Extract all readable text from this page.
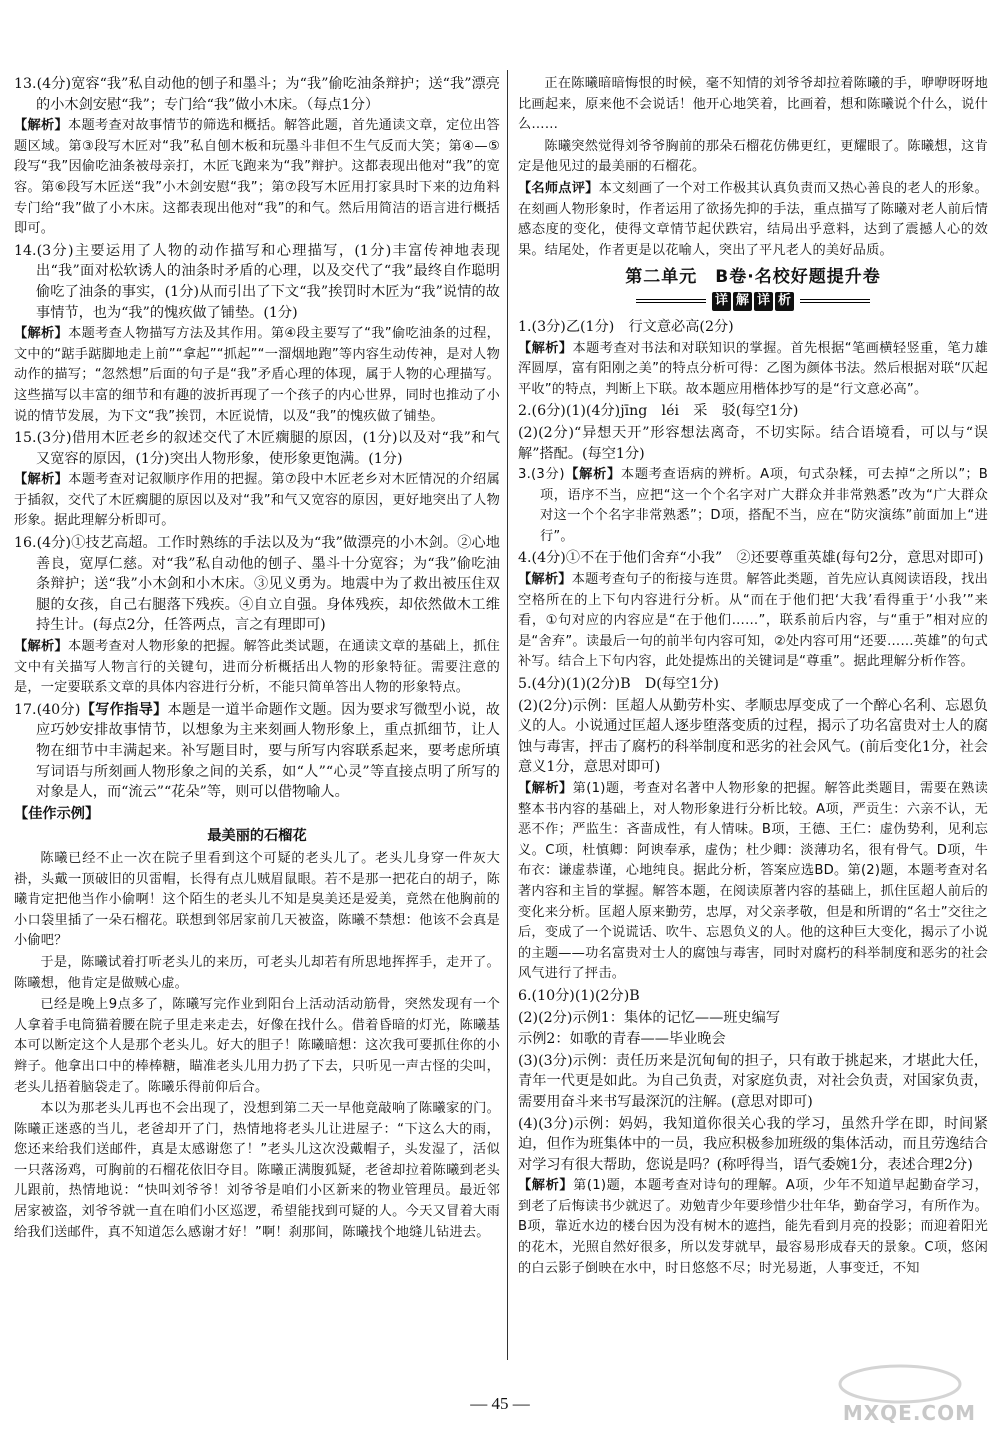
13.(4分)宽容“我”私自动他的刨子和墨斗；为“我”偷吃油条辩护；送“我”漂亮的小木剑安慰“我”；专门给“我”做小木床。（每点1分）

【解析】本题考查对故事情节的筛选和概括。解答此题，首先通读文章，定位出答题区域。第③段写木匠对“我”私自刨木板和玩墨斗非但不生气反而大笑；第④—⑤段写“我”因偷吃油条被母亲打，木匠飞跑来为“我”辩护。这都表现出他对“我”的宽容。第⑥段写木匠送“我”小木剑安慰“我”；第⑦段写木匠用打家具时下来的边角料专门给“我”做了小木床。这都表现出他对“我”的和气。然后用简洁的语言进行概括即可。

14.(3分)主要运用了人物的动作描写和心理描写，(1分)丰富传神地表现出“我”面对松软诱人的油条时矛盾的心理，以及交代了“我”最终自作聪明偷吃了油条的事实，(1分)从而引出了下文“我”挨罚时木匠为“我”说情的故事情节，也为“我”的愧疚做了铺垫。(1分)

【解析】本题考查人物描写方法及其作用。第④段主要写了“我”偷吃油条的过程，文中的“踮手踮脚地走上前”“拿起”“抓起”“一溜烟地跑”等内容生动传神，是对人物动作的描写；“忽然想”后面的句子是“我”矛盾心理的体现，属于人物的心理描写。这些描写以丰富的细节和有趣的波折再现了一个孩子的内心世界，同时也推动了小说的情节发展，为下文“我”挨罚，木匠说情，以及“我”的愧疚做了铺垫。

15.(3分)借用木匠老乡的叙述交代了木匠瘸腿的原因，(1分)以及对“我”和气又宽容的原因，(1分)突出人物形象，使形象更饱满。(1分)

【解析】本题考查对记叙顺序作用的把握。第⑦段中木匠老乡对木匠情况的介绍属于插叙，交代了木匠瘸腿的原因以及对“我”和气又宽容的原因，更好地突出了人物形象。据此理解分析即可。

16.(4分)①技艺高超。工作时熟练的手法以及为“我”做漂亮的小木剑。②心地善良，宽厚仁慈。对“我”私自动他的刨子、墨斗十分宽容；为“我”偷吃油条辩护；送“我”小木剑和小木床。③见义勇为。地震中为了救出被压住双腿的女孩，自己右腿落下残疾。④自立自强。身体残疾，却依然做木工维持生计。(每点2分，任答两点，言之有理即可)

【解析】本题考查对人物形象的把握。解答此类试题，在通读文章的基础上，抓住文中有关描写人物言行的关键句，进而分析概括出人物的形象特征。需要注意的是，一定要联系文章的具体内容进行分析，不能只简单答出人物的形象特点。

17.(40分)【写作指导】本题是一道半命题作文题。因为要求写微型小说，故应巧妙安排故事情节，以想象为主来刻画人物形象上，重点抓细节，让人物在细节中丰满起来。补写题目时，要与所写内容联系起来，要考虑所填写词语与所刻画人物形象之间的关系，如“人”“心灵”等直接点明了所写的对象是人，而“流云”“花朵”等，则可以借物喻人。

【佳作示例】

最美丽的石榴花

陈曦已经不止一次在院子里看到这个可疑的老头儿了。老头儿身穿一件灰大褂，头戴一顶破旧的贝雷帽，长得有点儿贼眉鼠眼。若不是那一把花白的胡子，陈曦肯定把他当作小偷啊！这个陌生的老头儿不知是臭美还是爱美，竟然在他胸前的小口袋里插了一朵石榴花。联想到邻居家前几天被盗，陈曦不禁想：他该不会真是小偷吧？

于是，陈曦试着打听老头儿的来历，可老头儿却若有所思地挥挥手，走开了。陈曦想，他肯定是做贼心虚。

已经是晚上9点多了，陈曦写完作业到阳台上活动活动筋骨，突然发现有一个人拿着手电筒猫着腰在院子里走来走去，好像在找什么。借着昏暗的灯光，陈曦基本可以断定这个人是那个老头儿。好大的胆子！陈曦暗想：这次我可要抓住你的小辫子。他拿出口中的棒棒糖，瞄准老头儿用力扔了下去，只听见一声古怪的尖叫，老头儿捂着脑袋走了。陈曦乐得前仰后合。

本以为那老头儿再也不会出现了，没想到第二天一早他竟敲响了陈曦家的门。陈曦正迷惑的当儿，老爸却开了门，热情地将老头儿让进屋子：“下这么大的雨，您还来给我们送邮件，真是太感谢您了！”老头儿这次没戴帽子，头发湿了，活似一只落汤鸡，可胸前的石榴花依旧夺目。陈曦正满腹狐疑，老爸却拉着陈曦到老头儿跟前，热情地说：“快叫刘爷爷！刘爷爷是咱们小区新来的物业管理员。最近邻居家被盗，刘爷爷就一直在咱们小区巡逻，希望能找到可疑的人。今天又冒着大雨给我们送邮件，真不知道怎么感谢才好！”啊！刹那间，陈曦找个地缝儿钻进去。

正在陈曦暗暗悔恨的时候，毫不知情的刘爷爷却拉着陈曦的手，咿咿呀呀地比画起来，原来他不会说话！他开心地笑着，比画着，想和陈曦说个什么，说什么……

陈曦突然觉得刘爷爷胸前的那朵石榴花仿佛更红，更耀眼了。陈曦想，这肯定是他见过的最美丽的石榴花。

【名师点评】本文刻画了一个对工作极其认真负责而又热心善良的老人的形象。在刻画人物形象时，作者运用了欲扬先抑的手法，重点描写了陈曦对老人前后情感态度的变化，使得文章情节起伏跌宕，结局出乎意料，达到了震撼人心的效果。结尾处，作者更是以花喻人，突出了平凡老人的美好品质。

第二单元　B卷·名校好题提升卷
详 解 详 析

1.(3分)乙(1分)　行文意必高(2分)

【解析】本题考查对书法和对联知识的掌握。首先根据“笔画横轻竖重，笔力雄浑圆厚，富有阳刚之美”的特点分析可得：乙图为颜体书法。然后根据对联“仄起平收”的特点，判断上下联。故本题应用楷体抄写的是“行文意必高”。

2.(6分)(1)(4分)jīng　léi　采　驳(每空1分)

(2)(2分)“异想天开”形容想法离奇，不切实际。结合语境看，可以与“误解”搭配。(每空1分)

3.(3分)【解析】本题考查语病的辨析。A项，句式杂糅，可去掉“之所以”；B项，语序不当，应把“这一个个名字对广大群众并非常熟悉”改为“广大群众对这一个个名字非常熟悉”；D项，搭配不当，应在“防灾演练”前面加上“进行”。

4.(4分)①不在于他们舍弃“小我”　②还要尊重英雄(每句2分，意思对即可)

【解析】本题考查句子的衔接与连贯。解答此类题，首先应认真阅读语段，找出空格所在的上下句内容进行分析。从“而在于他们把‘大我’看得重于‘小我’”来看，①句对应的内容应是“在于他们……”，联系前后内容，与“重于”相对应的是“舍弃”。读最后一句的前半句内容可知，②处内容可用“还要……英雄”的句式补写。结合上下句内容，此处提炼出的关键词是“尊重”。据此理解分析作答。

5.(4分)(1)(2分)B　D(每空1分)

(2)(2分)示例：匡超人从勤劳朴实、孝顺忠厚变成了一个醉心名利、忘恩负义的人。小说通过匡超人逐步堕落变质的过程，揭示了功名富贵对士人的腐蚀与毒害，抨击了腐朽的科举制度和恶劣的社会风气。(前后变化1分，社会意义1分，意思对即可)

【解析】第(1)题，考查对名著中人物形象的把握。解答此类题目，需要在熟读整本书内容的基础上，对人物形象进行分析比较。A项，严贡生：六亲不认，无恶不作；严监生：吝啬成性，有人情味。B项，王德、王仁：虚伪势利，见利忘义。C项，杜慎卿：阿谀奉承，虚伪；杜少卿：淡薄功名，很有骨气。D项，牛布衣：谦虚恭谨，心地纯良。据此分析，答案应选BD。第(2)题，本题考查对名著内容和主旨的掌握。解答本题，在阅读原著内容的基础上，抓住匡超人前后的变化来分析。匡超人原来勤劳，忠厚，对父亲孝敬，但是和所谓的“名士”交往之后，变成了一个说谎话、吹牛、忘恩负义的人。他的这种巨大变化，揭示了小说的主题——功名富贵对士人的腐蚀与毒害，同时对腐朽的科举制度和恶劣的社会风气进行了抨击。

6.(10分)(1)(2分)B

(2)(2分)示例1：集体的记忆——班史编写

示例2：如歌的青春——毕业晚会

(3)(3分)示例：责任历来是沉甸甸的担子，只有敢于挑起来，才堪此大任，青年一代更是如此。为自己负责，对家庭负责，对社会负责，对国家负责，需要用奋斗来书写最深沉的注解。(意思对即可)

(4)(3分)示例：妈妈，我知道你很关心我的学习，虽然升学在即，时间紧迫，但作为班集体中的一员，我应积极参加班级的集体活动，而且劳逸结合对学习有很大帮助，您说是吗？(称呼得当，语气委婉1分，表述合理2分)

【解析】第(1)题，本题考查对诗句的理解。A项，少年不知道早起勤奋学习，到老了后悔读书少就迟了。劝勉青少年要珍惜少壮年华，勤奋学习，有所作为。B项，靠近水边的楼台因为没有树木的遮挡，能先看到月亮的投影；而迎着阳光的花木，光照自然好很多，所以发芽就早，最容易形成春天的景象。C项，悠闲的白云影子倒映在水中，时日悠悠不尽；时光易逝，人事变迁，不知

— 45 —	MXQE.COM
